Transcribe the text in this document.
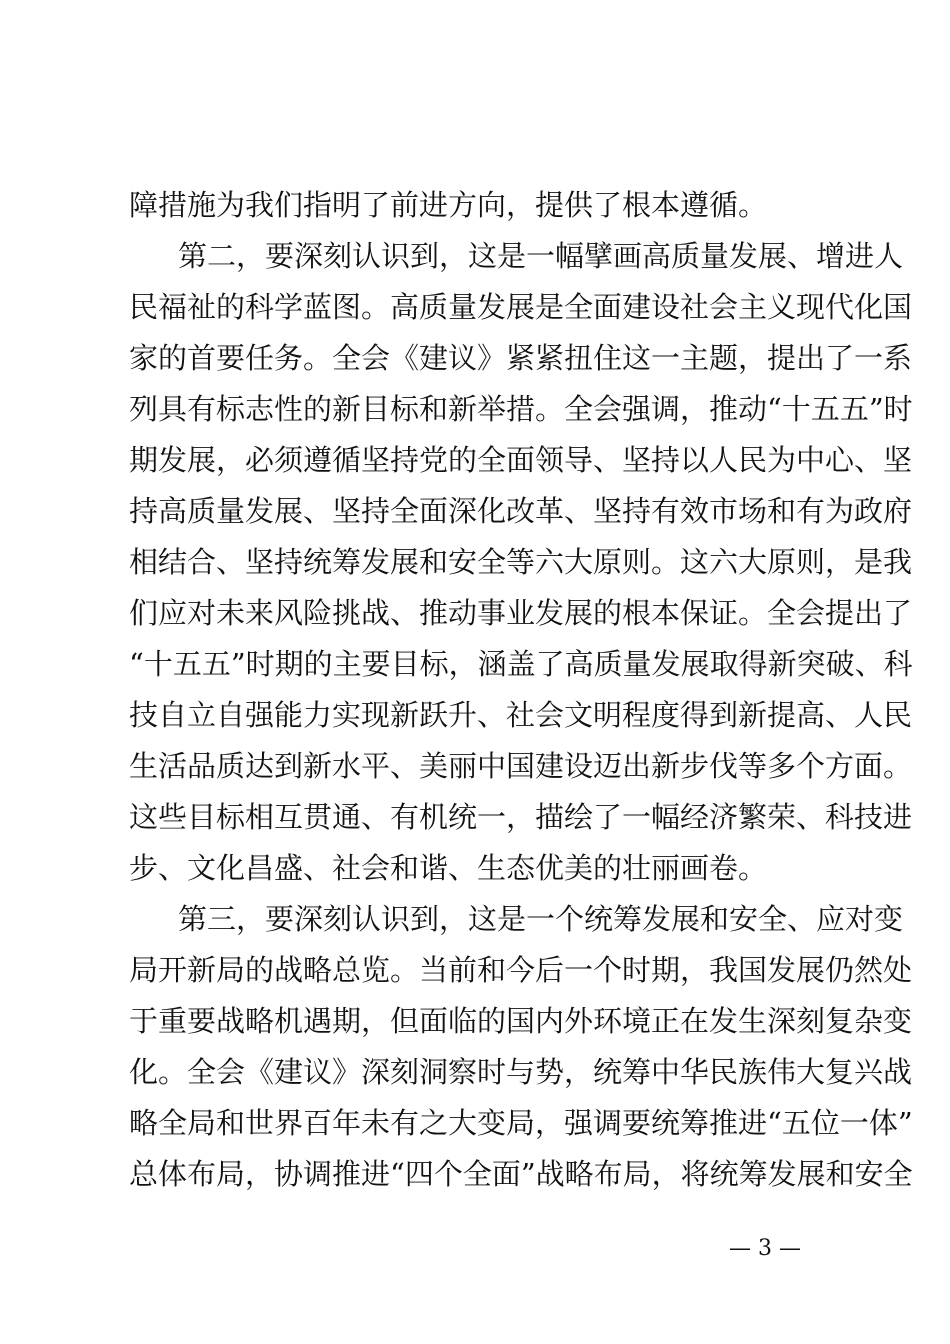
障措施为我们指明了前进方向，提供了根本遵循。
第二，要深刻认识到，这是一幅擘画高质量发展、增进人
民福祉的科学蓝图。高质量发展是全面建设社会主义现代化国
家的首要任务。全会《建议》紧紧扭住这一主题，提出了一系
列具有标志性的新目标和新举措。全会强调，推动“十五五”时
期发展，必须遵循坚持党的全面领导、坚持以人民为中心、坚
持高质量发展、坚持全面深化改革、坚持有效市场和有为政府
相结合、坚持统筹发展和安全等六大原则。这六大原则，是我
们应对未来风险挑战、推动事业发展的根本保证。全会提出了
“十五五”时期的主要目标，涵盖了高质量发展取得新突破、科
技自立自强能力实现新跃升、社会文明程度得到新提高、人民
生活品质达到新水平、美丽中国建设迈出新步伐等多个方面。
这些目标相互贯通、有机统一，描绘了一幅经济繁荣、科技进
步、文化昌盛、社会和谐、生态优美的壮丽画卷。
第三，要深刻认识到，这是一个统筹发展和安全、应对变
局开新局的战略总览。当前和今后一个时期，我国发展仍然处
于重要战略机遇期，但面临的国内外环境正在发生深刻复杂变
化。全会《建议》深刻洞察时与势，统筹中华民族伟大复兴战
略全局和世界百年未有之大变局，强调要统筹推进“五位一体”
总体布局，协调推进“四个全面”战略布局，将统筹发展和安全
— 3 —
